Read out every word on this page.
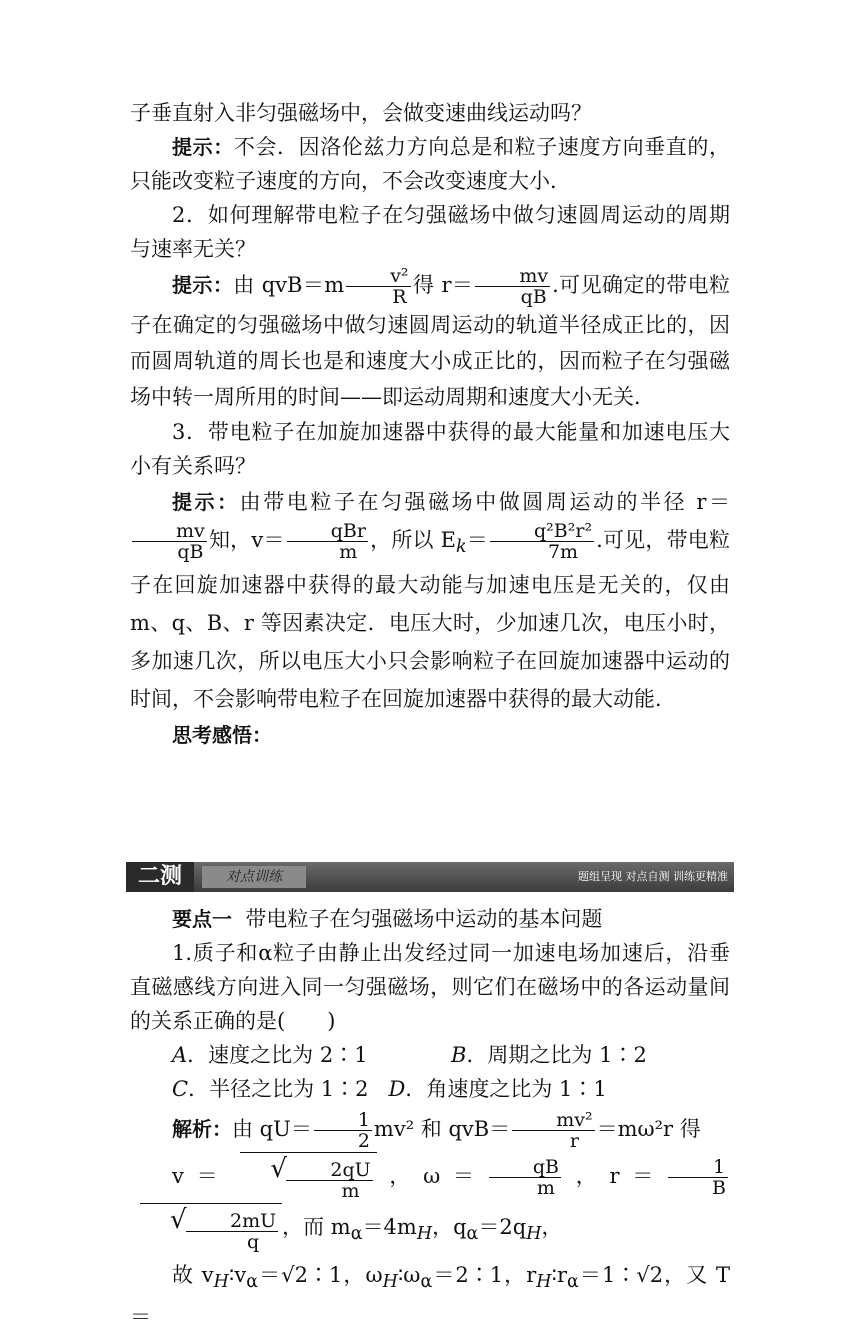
子垂直射入非匀强磁场中，会做变速曲线运动吗？

提示：不会．因洛伦兹力方向总是和粒子速度方向垂直的，只能改变粒子速度的方向，不会改变速度大小．

2．如何理解带电粒子在匀强磁场中做匀速圆周运动的周期与速率无关？

提示：由 $qvB=m \frac{\text{v²}}{R}$ 得 $r= \frac{mv}{qB}$ .可见确定的带电粒子在确定的匀强磁场中做匀速圆周运动的轨道半径成正比的，因而圆周轨道的周长也是和速度大小成正比的，因而粒子在匀强磁场中转一周所用的时间——即运动周期和速度大小无关．

3．带电粒子在加旋加速器中获得的最大能量和加速电压大小有关系吗？

提示：由带电粒子在匀强磁场中做圆周运动的半径 r＝
$\frac{mv}{qB}$ 知，$v= \frac{\text{qBr}}{m}$ ，所以 $E_k= \frac{\text{q²B²r²}}{7m}$ .可见，带电粒子在回旋加速器中获得的最大动能与加速电压是无关的，仅由 m、q、B、r 等因素决定．电压大时，少加速几次，电压小时，多加速几次，所以电压大小只会影响粒子在回旋加速器中运动的时间，不会影响带电粒子在回旋加速器中获得的最大动能．

思考感悟：

二测	对点训练	题组呈现 对点自测 训练更精准

要点一 带电粒子在匀强磁场中运动的基本问题

1.质子和α粒子由静止出发经过同一加速电场加速后，沿垂直磁感线方向进入同一匀强磁场，则它们在磁场中的各运动量间的关系正确的是(　　)

A．速度之比为 2∶1	B．周期之比为 1∶2

C．半径之比为 1∶2 D．角速度之比为 1∶1

解析：由 $qU= \frac{1}{2} mv^2$ 和 $qvB= \frac{\text{mv²}}{r} =m\omega^2r$ 得

v＝
√	$\frac{2qU}{m}$ ，$\omega= \frac{qB}{m}$ ，$r= \frac{1}{B}$
√ $\frac{2mU}{q}$ ，而 $m_\alpha=4m_H$，$q_\alpha=2q_H$，

故 $v_H∶v_\alpha=√2∶1$，$\omega_H∶\omega_\alpha=2∶1$，$r_H∶r_\alpha=1∶√2$，又 T＝
